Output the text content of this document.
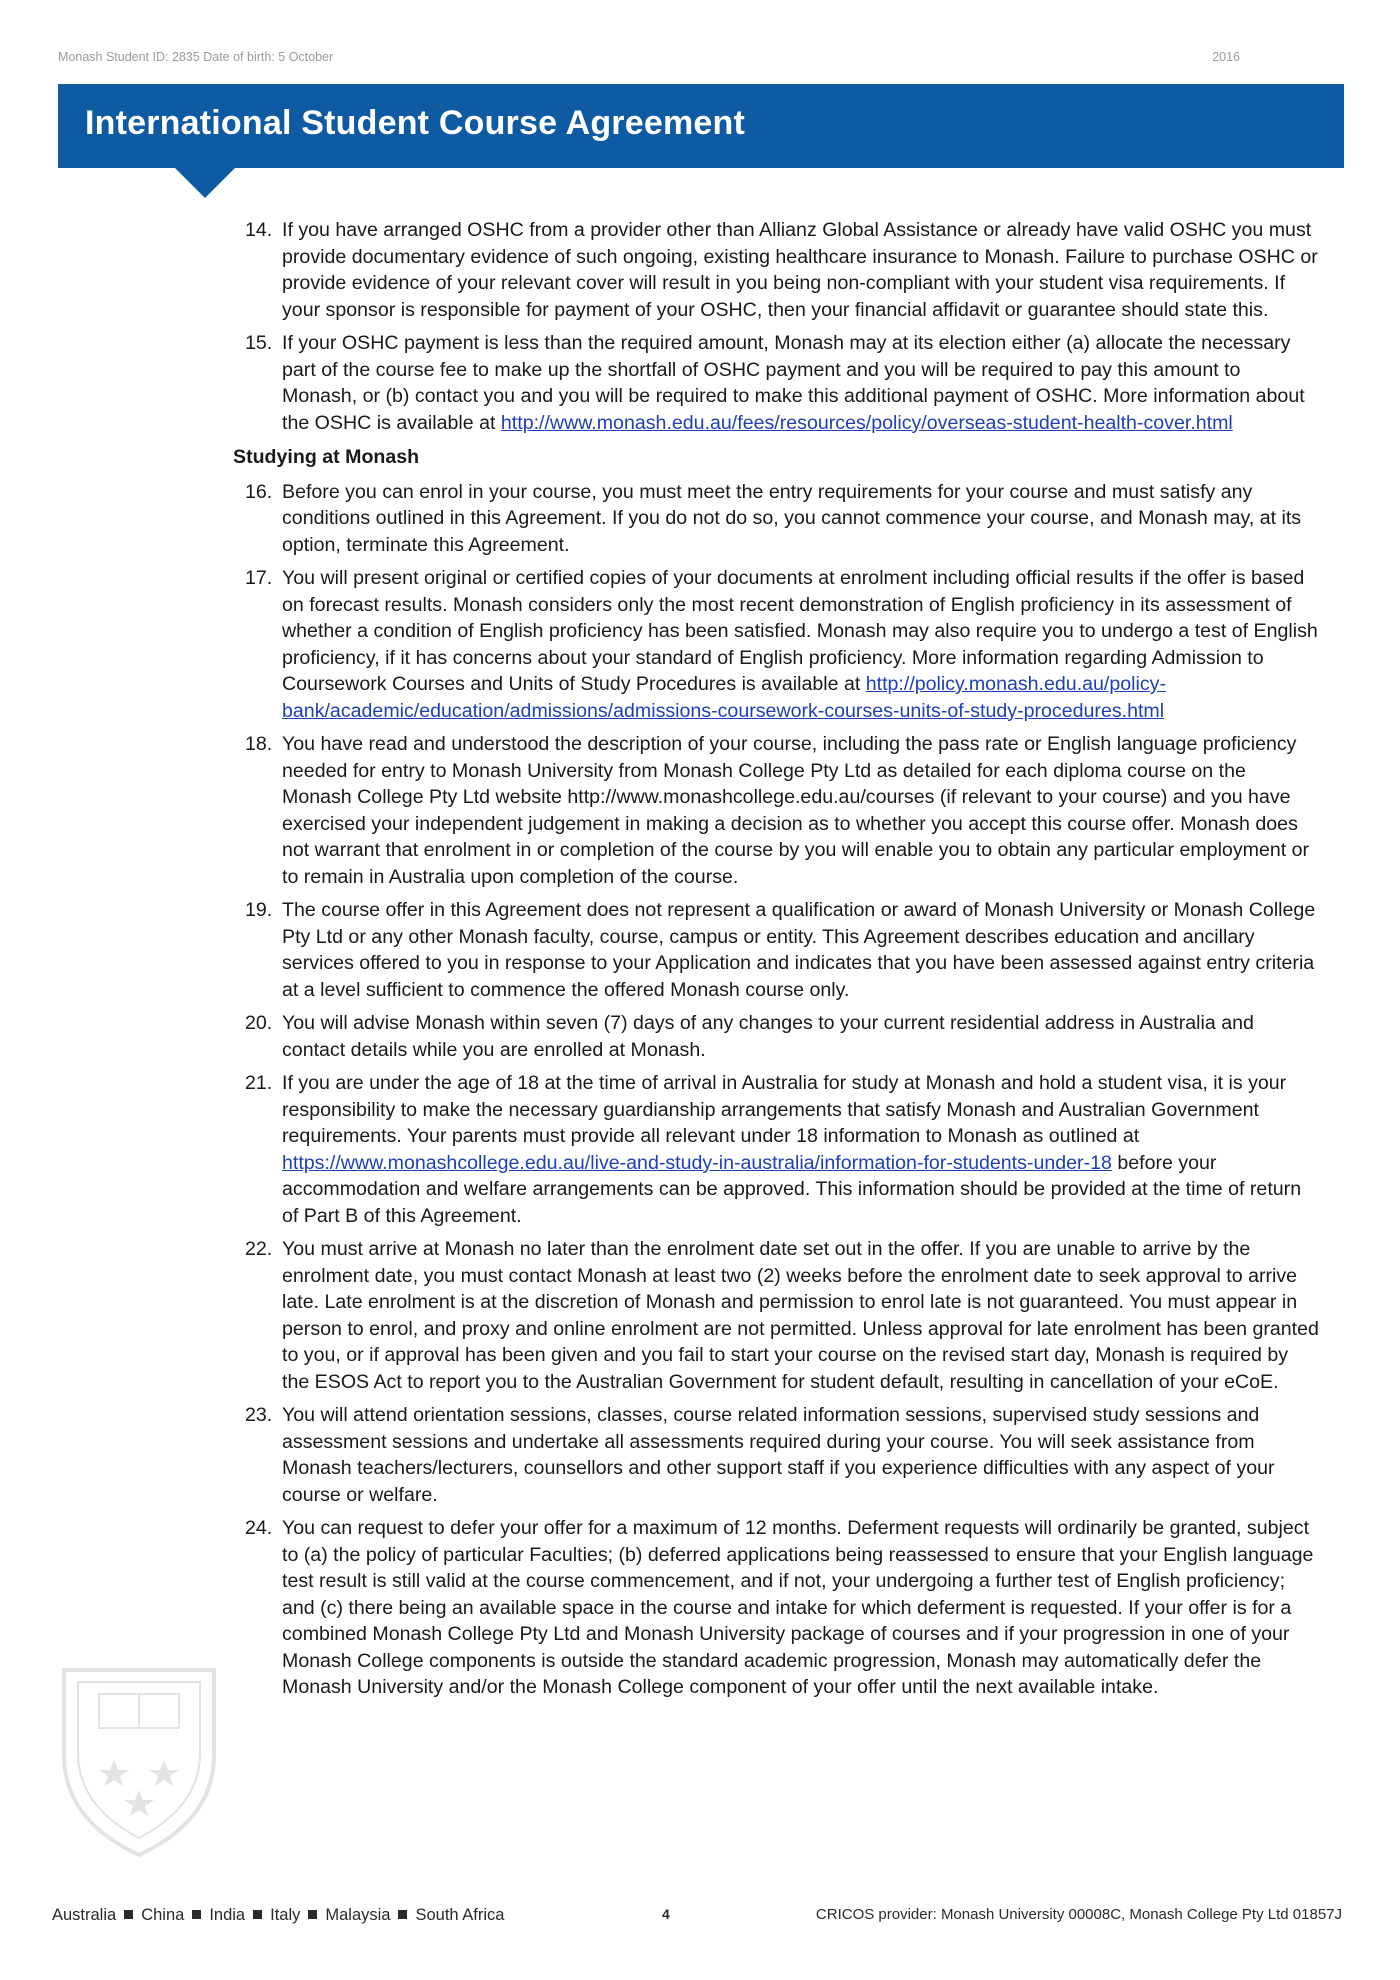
Monash Student ID: 2835 Date of birth: 5 October	2016
International Student Course Agreement
14. If you have arranged OSHC from a provider other than Allianz Global Assistance or already have valid OSHC you must provide documentary evidence of such ongoing, existing healthcare insurance to Monash. Failure to purchase OSHC or provide evidence of your relevant cover will result in you being non-compliant with your student visa requirements. If your sponsor is responsible for payment of your OSHC, then your financial affidavit or guarantee should state this.
15. If your OSHC payment is less than the required amount, Monash may at its election either (a) allocate the necessary part of the course fee to make up the shortfall of OSHC payment and you will be required to pay this amount to Monash, or (b) contact you and you will be required to make this additional payment of OSHC. More information about the OSHC is available at http://www.monash.edu.au/fees/resources/policy/overseas-student-health-cover.html
Studying at Monash
16. Before you can enrol in your course, you must meet the entry requirements for your course and must satisfy any conditions outlined in this Agreement. If you do not do so, you cannot commence your course, and Monash may, at its option, terminate this Agreement.
17. You will present original or certified copies of your documents at enrolment including official results if the offer is based on forecast results. Monash considers only the most recent demonstration of English proficiency in its assessment of whether a condition of English proficiency has been satisfied. Monash may also require you to undergo a test of English proficiency, if it has concerns about your standard of English proficiency. More information regarding Admission to Coursework Courses and Units of Study Procedures is available at http://policy.monash.edu.au/policy-bank/academic/education/admissions/admissions-coursework-courses-units-of-study-procedures.html
18. You have read and understood the description of your course, including the pass rate or English language proficiency needed for entry to Monash University from Monash College Pty Ltd as detailed for each diploma course on the Monash College Pty Ltd website http://www.monashcollege.edu.au/courses (if relevant to your course) and you have exercised your independent judgement in making a decision as to whether you accept this course offer. Monash does not warrant that enrolment in or completion of the course by you will enable you to obtain any particular employment or to remain in Australia upon completion of the course.
19. The course offer in this Agreement does not represent a qualification or award of Monash University or Monash College Pty Ltd or any other Monash faculty, course, campus or entity. This Agreement describes education and ancillary services offered to you in response to your Application and indicates that you have been assessed against entry criteria at a level sufficient to commence the offered Monash course only.
20. You will advise Monash within seven (7) days of any changes to your current residential address in Australia and contact details while you are enrolled at Monash.
21. If you are under the age of 18 at the time of arrival in Australia for study at Monash and hold a student visa, it is your responsibility to make the necessary guardianship arrangements that satisfy Monash and Australian Government requirements. Your parents must provide all relevant under 18 information to Monash as outlined at https://www.monashcollege.edu.au/live-and-study-in-australia/information-for-students-under-18 before your accommodation and welfare arrangements can be approved. This information should be provided at the time of return of Part B of this Agreement.
22. You must arrive at Monash no later than the enrolment date set out in the offer. If you are unable to arrive by the enrolment date, you must contact Monash at least two (2) weeks before the enrolment date to seek approval to arrive late. Late enrolment is at the discretion of Monash and permission to enrol late is not guaranteed. You must appear in person to enrol, and proxy and online enrolment are not permitted. Unless approval for late enrolment has been granted to you, or if approval has been given and you fail to start your course on the revised start day, Monash is required by the ESOS Act to report you to the Australian Government for student default, resulting in cancellation of your eCoE.
23. You will attend orientation sessions, classes, course related information sessions, supervised study sessions and assessment sessions and undertake all assessments required during your course. You will seek assistance from Monash teachers/lecturers, counsellors and other support staff if you experience difficulties with any aspect of your course or welfare.
24. You can request to defer your offer for a maximum of 12 months. Deferment requests will ordinarily be granted, subject to (a) the policy of particular Faculties; (b) deferred applications being reassessed to ensure that your English language test result is still valid at the course commencement, and if not, your undergoing a further test of English proficiency; and (c) there being an available space in the course and intake for which deferment is requested. If your offer is for a combined Monash College Pty Ltd and Monash University package of courses and if your progression in one of your Monash College components is outside the standard academic progression, Monash may automatically defer the Monash University and/or the Monash College component of your offer until the next available intake.
Australia China India Italy Malaysia South Africa	4	CRICOS provider: Monash University 00008C, Monash College Pty Ltd 01857J
